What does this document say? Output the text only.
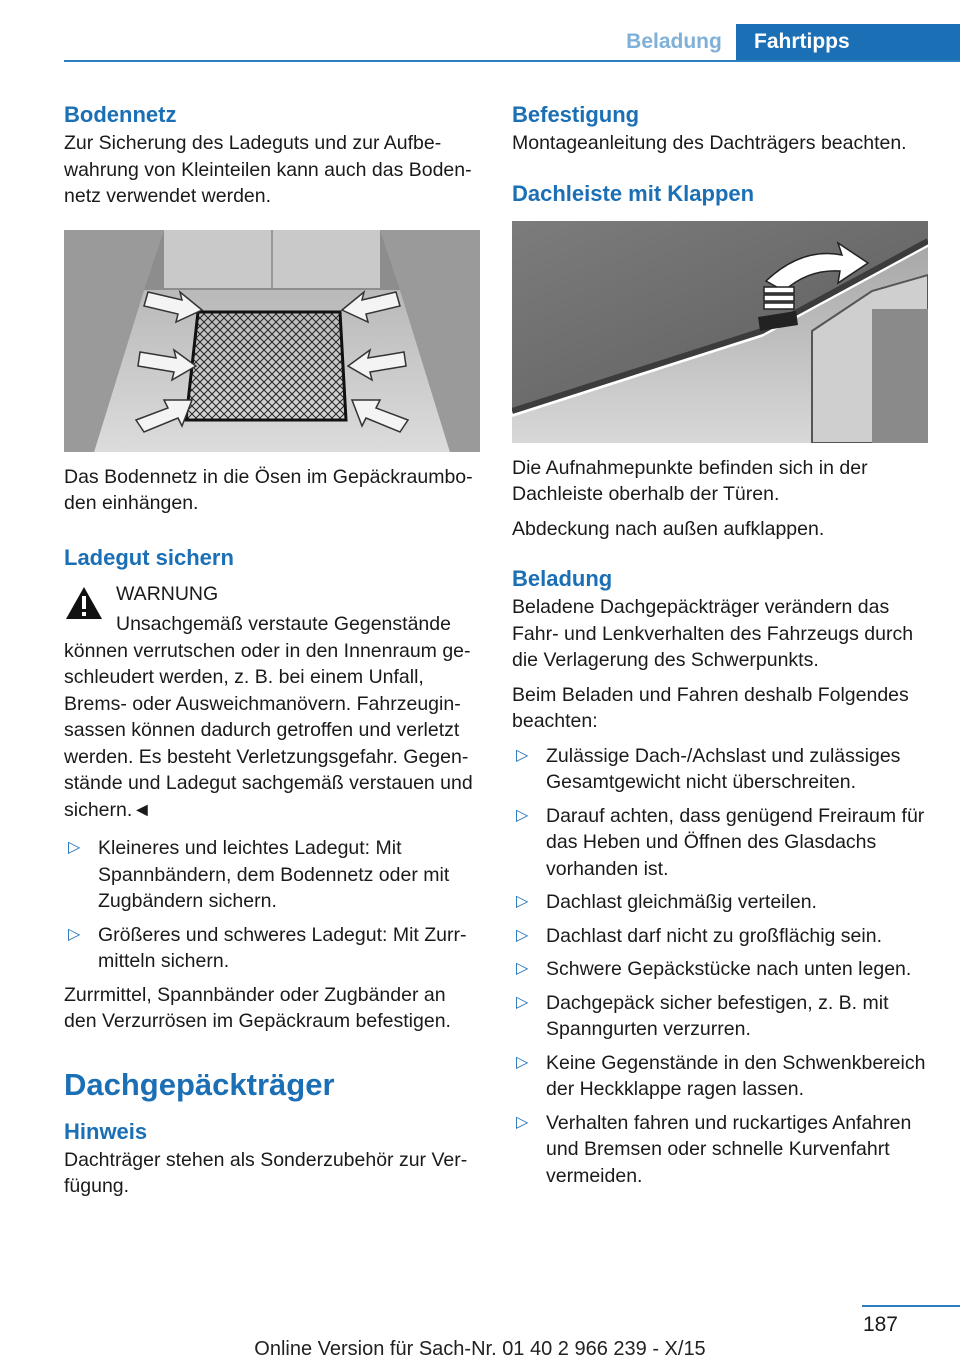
Beladung	Fahrtipps
Bodennetz

Zur Sicherung des Ladeguts und zur Aufbewahrung von Kleinteilen kann auch das Bodennetz verwendet werden.

Das Bodennetz in die Ösen im Gepäckraumboden einhängen.

Ladegut sichern
WARNUNG

Unsachgemäß verstaute Gegenstände können verrutschen oder in den Innenraum geschleudert werden, z. B. bei einem Unfall, Brems- oder Ausweichmanövern. Fahrzeuginsassen können dadurch getroffen und verletzt werden. Es besteht Verletzungsgefahr. Gegenstände und Ladegut sachgemäß verstauen und sichern.◄

▷ Kleineres und leichtes Ladegut: Mit Spannbändern, dem Bodennetz oder mit Zugbändern sichern.
▷ Größeres und schweres Ladegut: Mit Zurrmitteln sichern.

Zurrmittel, Spannbänder oder Zugbänder an den Verzurrösen im Gepäckraum befestigen.

Dachgepäckträger
Hinweis

Dachträger stehen als Sonderzubehör zur Verfügung.

Befestigung

Montageanleitung des Dachträgers beachten.

Dachleiste mit Klappen

Die Aufnahmepunkte befinden sich in der Dachleiste oberhalb der Türen.

Abdeckung nach außen aufklappen.

Beladung

Beladene Dachgepäckträger verändern das Fahr- und Lenkverhalten des Fahrzeugs durch die Verlagerung des Schwerpunkts.

Beim Beladen und Fahren deshalb Folgendes beachten:

▷ Zulässige Dach-/Achslast und zulässiges Gesamtgewicht nicht überschreiten.
▷ Darauf achten, dass genügend Freiraum für das Heben und Öffnen des Glasdachs vorhanden ist.
▷ Dachlast gleichmäßig verteilen.
▷ Dachlast darf nicht zu großflächig sein.
▷ Schwere Gepäckstücke nach unten legen.
▷ Dachgepäck sicher befestigen, z. B. mit Spanngurten verzurren.
▷ Keine Gegenstände in den Schwenkbereich der Heckklappe ragen lassen.
▷ Verhalten fahren und ruckartiges Anfahren und Bremsen oder schnelle Kurvenfahrt vermeiden.
187
Online Version für Sach-Nr. 01 40 2 966 239 - X/15
